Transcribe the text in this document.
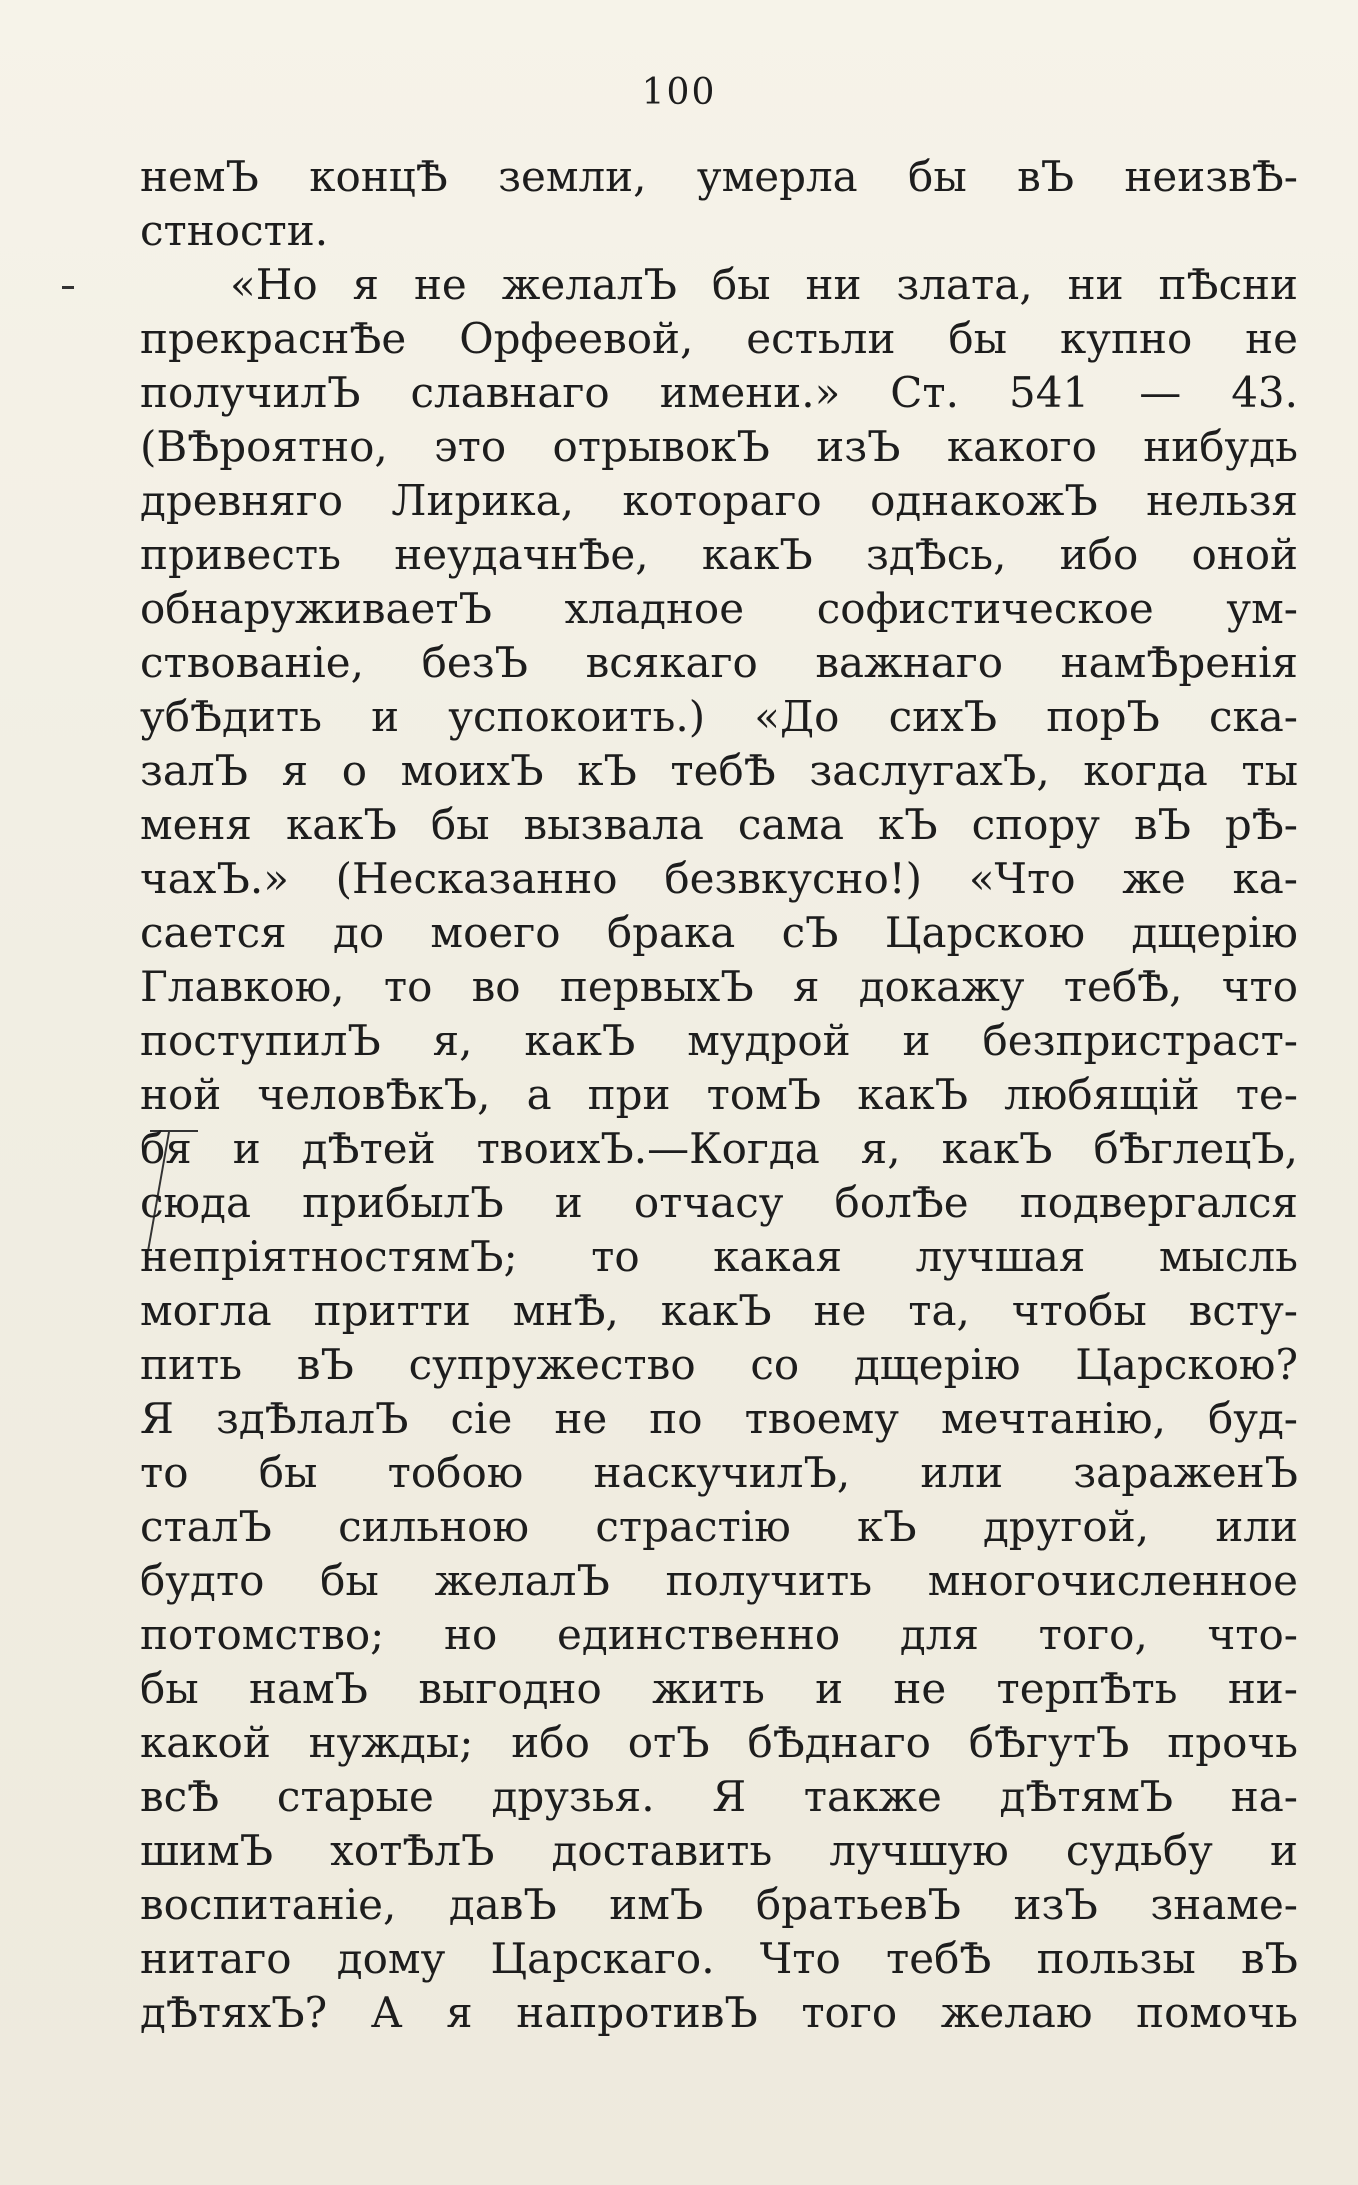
100
немЪ концѢ земли, умерла бы вЪ неизвѢ-
стности.
«Но я не желалЪ бы ни злата, ни пѢсни
прекраснѢе Орфеевой, естьли бы купно не
получилЪ славнаго имени.» Ст. 541 — 43.
(ВѢроятно, это отрывокЪ изЪ какого нибудь
древняго Лирика, котораго однакожЪ нельзя
привесть неудачнѢе, какЪ здѢсь, ибо оной
обнаруживаетЪ хладное софистическое ум-
ствованіе, безЪ всякаго важнаго намѢренія
убѢдить и успокоить.) «До сихЪ порЪ ска-
залЪ я о моихЪ кЪ тебѢ заслугахЪ, когда ты
меня какЪ бы вызвала сама кЪ спору вЪ рѢ-
чахЪ.» (Несказанно безвкусно!) «Что же ка-
сается до моего брака сЪ Царскою дщерію
Главкою, то во первыхЪ я докажу тебѢ, что
поступилЪ я, какЪ мудрой и безпристраст-
ной человѢкЪ, а при томЪ какЪ любящій те-
бя и дѢтей твоихЪ.—Когда я, какЪ бѢглецЪ,
сюда прибылЪ и отчасу болѢе подвергался
непріятностямЪ; то какая лучшая мысль
могла притти мнѢ, какЪ не та, чтобы всту-
пить вЪ супружество со дщерію Царскою?
Я здѢлалЪ сіе не по твоему мечтанію, буд-
то бы тобою наскучилЪ, или зараженЪ
сталЪ сильною страстію кЪ другой, или
будто бы желалЪ получить многочисленное
потомство; но единственно для того, что-
бы намЪ выгодно жить и не терпѢть ни-
какой нужды; ибо отЪ бѢднаго бѢгутЪ прочь
всѢ старые друзья. Я также дѢтямЪ на-
шимЪ хотѢлЪ доставить лучшую судьбу и
воспитаніе, давЪ имЪ братьевЪ изЪ знаме-
нитаго дому Царскаго. Что тебѢ пользы вЪ
дѢтяхЪ? А я напротивЪ того желаю помочь
